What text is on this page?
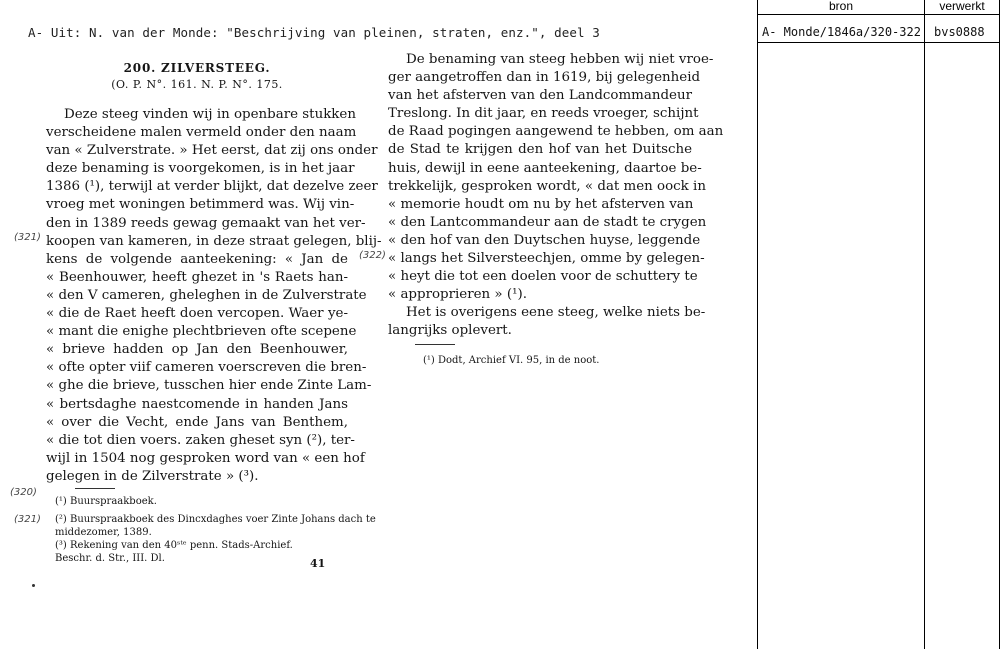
A- Uit: N. van der Monde: "Beschrijving van pleinen, straten, enz.", deel 3
bron	verwerkt
A- Monde/1846a/320-322 bvs0888
200. ZILVERSTEEG.
(O. P. N°. 161. N. P. N°. 175.
Deze steeg vinden wij in openbare stukken
verscheidene malen vermeld onder den naam
van « Zulverstrate. » Het eerst, dat zij ons onder
deze benaming is voorgekomen, is in het jaar
1386 (¹), terwijl at verder blijkt, dat dezelve zeer
vroeg met woningen betimmerd was. Wij vin-
den in 1389 reeds gewag gemaakt van het ver-
koopen van kameren, in deze straat gelegen, blij-
kens de volgende aanteekening: « Jan de
« Beenhouwer, heeft ghezet in 's Raets han-
« den V cameren, gheleghen in de Zulverstrate
« die de Raet heeft doen vercopen. Waer ye-
« mant die enighe plechtbrieven ofte scepene
« brieve hadden op Jan den Beenhouwer,
« ofte opter viif cameren voerscreven die bren-
« ghe die brieve, tusschen hier ende Zinte Lam-
« bertsdaghe naestcomende in handen Jans
« over die Vecht, ende Jans van Benthem,
« die tot dien voers. zaken gheset syn (²), ter-
wijl in 1504 nog gesproken word van « een hof
gelegen in de Zilverstrate » (³).
De benaming van steeg hebben wij niet vroe-
ger aangetroffen dan in 1619, bij gelegenheid
van het afsterven van den Landcommandeur
Treslong. In dit jaar, en reeds vroeger, schijnt
de Raad pogingen aangewend te hebben, om aan
de Stad te krijgen den hof van het Duitsche
huis, dewijl in eene aanteekening, daartoe be-
trekkelijk, gesproken wordt, « dat men oock in
« memorie houdt om nu by het afsterven van
« den Lantcommandeur aan de stadt te crygen
« den hof van den Duytschen huyse, leggende
« langs het Silversteechjen, omme by gelegen-
« heyt die tot een doelen voor de schuttery te
« approprieren » (¹).
Het is overigens eene steeg, welke niets be-
langrijks oplevert.
(¹) Buurspraakboek.
(²) Buurspraakboek des Dincxdaghes voer Zinte Johans dach te
middezomer, 1389.
(³) Rekening van den 40ˢᵗᵉ penn. Stads-Archief.
Beschr. d. Str., III. Dl.	41
(¹) Dodt, Archief VI. 95, in de noot.
(321)
(322)
(320)
(321)
